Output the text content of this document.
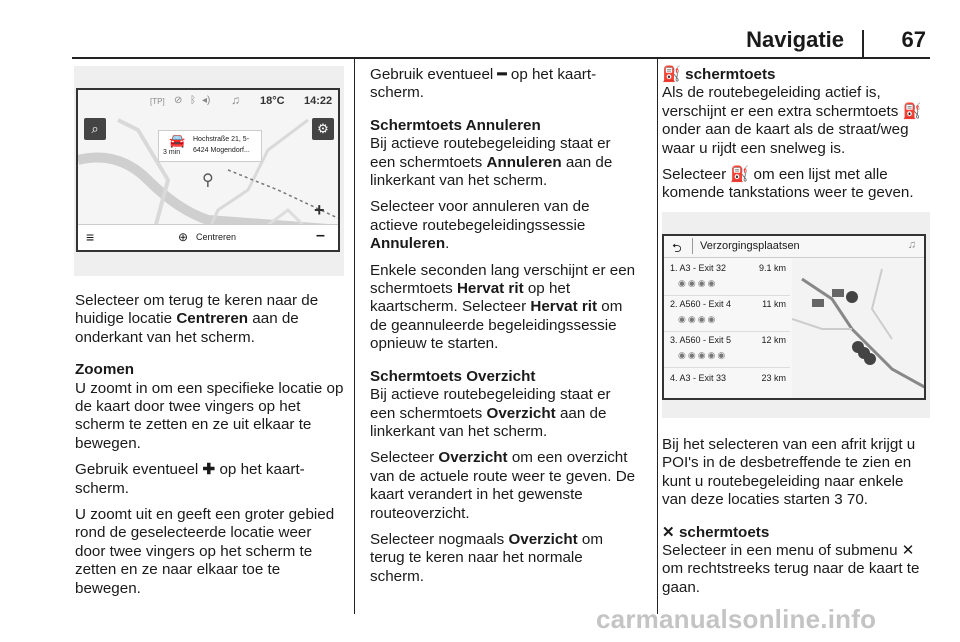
Navigatie	67
[TP] ⊘ ᛒ ◂) ♫ 18°C 14:22
⌕	⚙
🚘
3 min
Hochstraße 21, 5-
6424 Mogendorf...
⚲
+
≡	⊕ Centreren	–

Selecteer om terug te keren naar de huidige locatie Centreren aan de onderkant van het scherm.

Zoomen

U zoomt in om een specifieke locatie op de kaart door twee vingers op het scherm te zetten en ze uit elkaar te bewegen.

Gebruik eventueel ✚ op het kaart-scherm.

U zoomt uit en geeft een groter gebied rond de geselecteerde locatie weer door twee vingers op het scherm te zetten en ze naar elkaar toe te bewegen.

Gebruik eventueel ━ op het kaart-scherm.

Schermtoets Annuleren

Bij actieve routebegeleiding staat er een schermtoets Annuleren aan de linkerkant van het scherm.

Selecteer voor annuleren van de actieve routebegeleidingssessie Annuleren.

Enkele seconden lang verschijnt er een schermtoets Hervat rit op het kaartscherm. Selecteer Hervat rit om de geannuleerde begeleidingssessie opnieuw te starten.

Schermtoets Overzicht

Bij actieve routebegeleiding staat er een schermtoets Overzicht aan de linkerkant van het scherm.

Selecteer Overzicht om een overzicht van de actuele route weer te geven. De kaart verandert in het gewenste routeoverzicht.

Selecteer nogmaals Overzicht om terug te keren naar het normale scherm.

⛽ schermtoets

Als de routebegeleiding actief is, verschijnt er een extra schermtoets ⛽ onder aan de kaart als de straat/weg waar u rijdt een snelweg is.

Selecteer ⛽ om een lijst met alle komende tankstations weer te geven.

⮌ Verzorgingsplaatsen	♫
1. A3 - Exit 32	9.1 km
◉◉◉◉
2. A560 - Exit 4	11 km
◉◉◉◉
3. A560 - Exit 5	12 km
◉◉◉◉◉
4. A3 - Exit 33	23 km

Bij het selecteren van een afrit krijgt u POI's in de desbetreffende te zien en kunt u routebegeleiding naar enkele van deze locaties starten 3 70.

✕ schermtoets

Selecteer in een menu of submenu ✕ om rechtstreeks terug naar de kaart te gaan.

carmanualsonline.info
